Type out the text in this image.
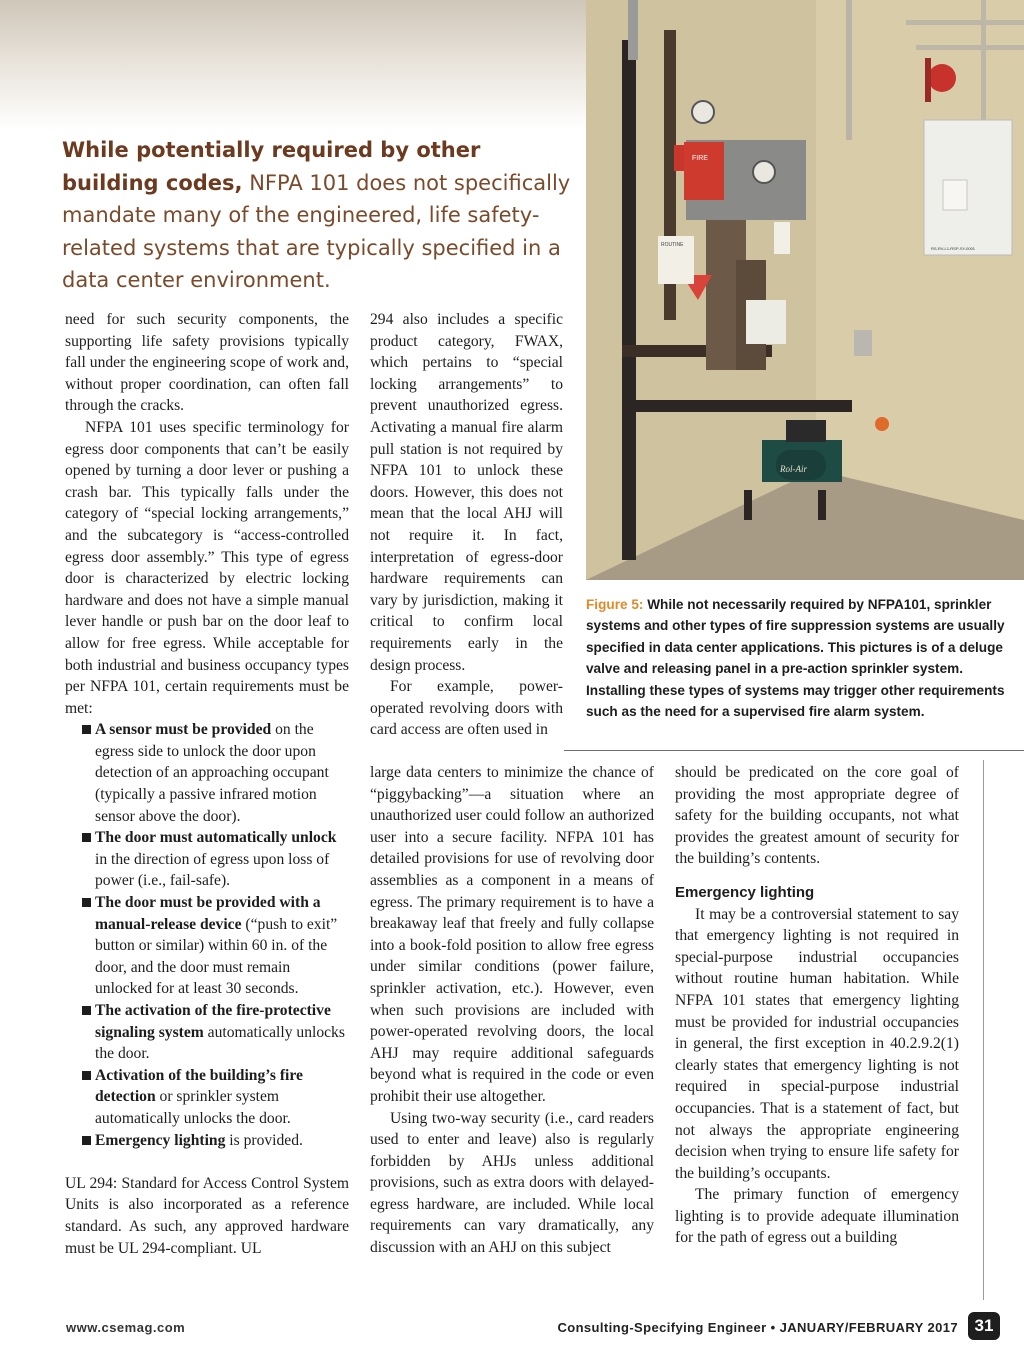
While potentially required by other building codes, NFPA 101 does not specifically mandate many of the engineered, life safety-related systems that are typically specified in a data center environment.

need for such security components, the supporting life safety provisions typically fall under the engineering scope of work and, without proper coordination, can often fall through the cracks.

NFPA 101 uses specific terminology for egress door components that can’t be easily opened by turning a door lever or pushing a crash bar. This typically falls under the category of “special locking arrangements,” and the subcategory is “access-controlled egress door assembly.” This type of egress door is characterized by electric locking hardware and does not have a simple manual lever handle or push bar on the door leaf to allow for free egress. While acceptable for both industrial and business occupancy types per NFPA 101, certain requirements must be met:

A sensor must be provided on the egress side to unlock the door upon detection of an approaching occupant (typically a passive infrared motion sensor above the door).
The door must automatically unlock in the direction of egress upon loss of power (i.e., fail-safe).
The door must be provided with a manual-release device (“push to exit” button or similar) within 60 in. of the door, and the door must remain unlocked for at least 30 seconds.
The activation of the fire-protective signaling system automatically unlocks the door.
Activation of the building’s fire detection or sprinkler system automatically unlocks the door.
Emergency lighting is provided.

UL 294: Standard for Access Control System Units is also incorporated as a reference standard. As such, any approved hardware must be UL 294-compliant. UL

294 also includes a specific product category, FWAX, which pertains to “special locking arrangements” to prevent unauthorized egress. Activating a manual fire alarm pull station is not required by NFPA 101 to unlock these doors. However, this does not mean that the local AHJ will not require it. In fact, interpretation of egress-door hardware requirements can vary by jurisdiction, making it critical to confirm local requirements early in the design process.

For example, power-operated revolving doors with card access are often used in

large data centers to minimize the chance of “piggybacking”—a situation where an unauthorized user could follow an authorized user into a secure facility. NFPA 101 has detailed provisions for use of revolving door assemblies as a component in a means of egress. The primary requirement is to have a breakaway leaf that freely and fully collapse into a book-fold position to allow free egress under similar conditions (power failure, sprinkler activation, etc.). However, even when such provisions are included with power-operated revolving doors, the local AHJ may require additional safeguards beyond what is required in the code or even prohibit their use altogether.

Using two-way security (i.e., card readers used to enter and leave) also is regularly forbidden by AHJs unless additional provisions, such as extra doors with delayed-egress hardware, are included. While local requirements can vary dramatically, any discussion with an AHJ on this subject

should be predicated on the core goal of providing the most appropriate degree of safety for the building occupants, not what provides the greatest amount of security for the building’s contents.

Emergency lighting

It may be a controversial statement to say that emergency lighting is not required in special-purpose industrial occupancies without routine human habitation. While NFPA 101 states that emergency lighting must be provided for industrial occupancies in general, the first exception in 40.2.9.2(1) clearly states that emergency lighting is not required in special-purpose industrial occupancies. That is a statement of fact, but not always the appropriate engineering decision when trying to ensure life safety for the building’s occupants.

The primary function of emergency lighting is to provide adequate illumination for the path of egress out a building

FIRE
ROUTINE
RS-RV-L1-RSP-SY-0001
Rol-Air
Figure 5: While not necessarily required by NFPA101, sprinkler systems and other types of fire suppression systems are usually specified in data center applications. This pictures is of a deluge valve and releasing panel in a pre-action sprinkler system. Installing these types of systems may trigger other requirements such as the need for a supervised fire alarm system.
www.csemag.com	Consulting-Specifying Engineer • JANUARY/FEBRUARY 2017 31
